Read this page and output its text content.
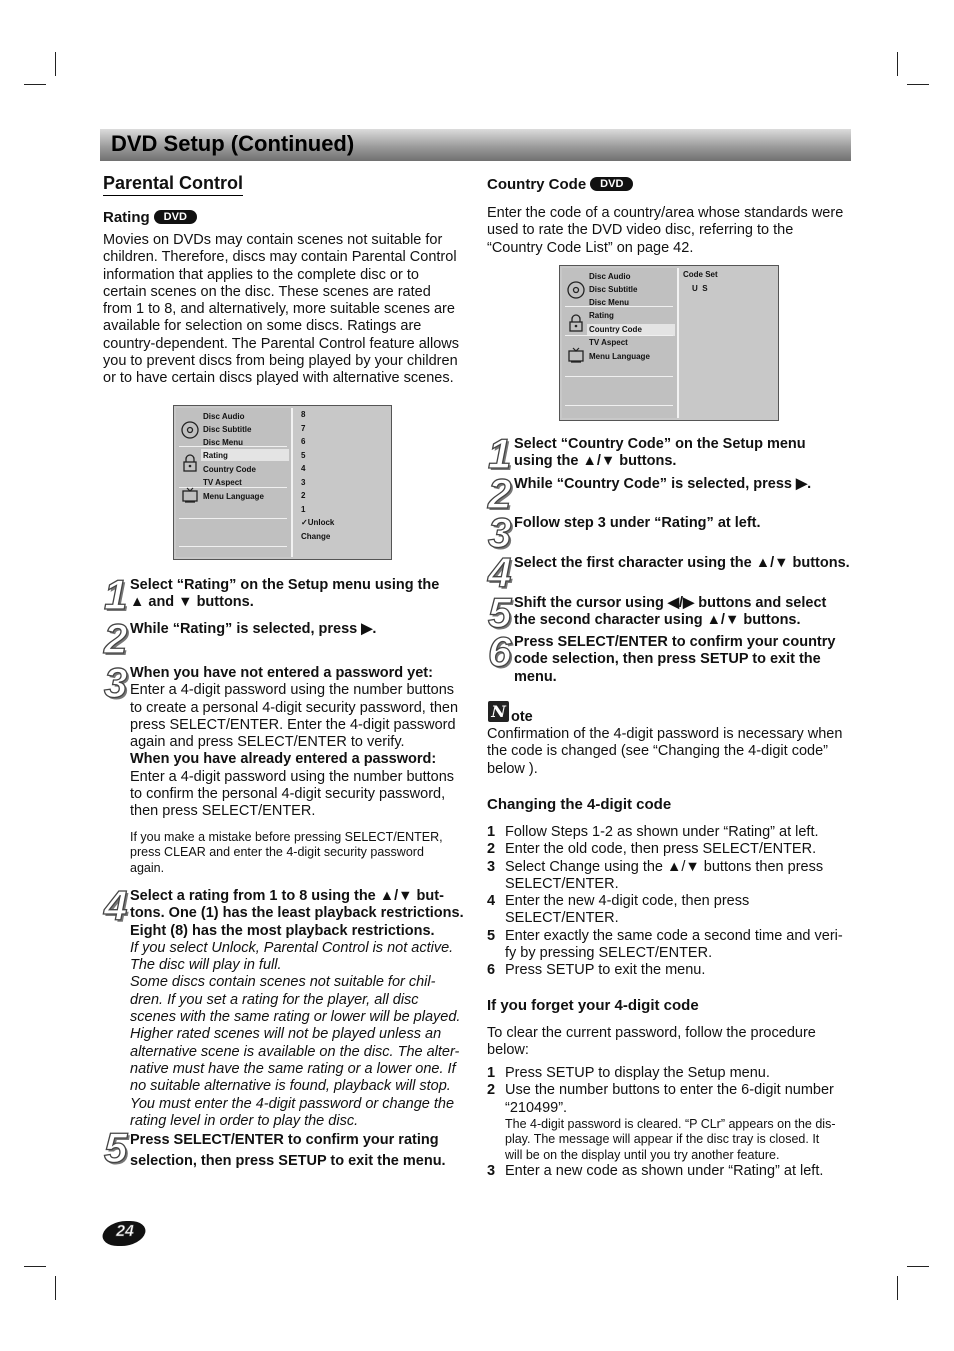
DVD Setup (Continued)
Parental Control
Rating DVD
Movies on DVDs may contain scenes not suitable for
children. Therefore, discs may contain Parental Control
information that applies to the complete disc or to
certain scenes on the disc. These scenes are rated
from 1 to 8, and alternatively, more suitable scenes are
available for selection on some discs. Ratings are
country-dependent. The Parental Control feature allows
you to prevent discs from being played by your children
or to have certain discs played with alternative scenes.
Disc Audio
Disc Subtitle
Disc Menu
Rating
Country Code
TV Aspect
Menu Language
8
7
6
5
4
3
2
1
✓Unlock
Change
1 Select “Rating” on the Setup menu using the
▲ and ▼ buttons.
2 While “Rating” is selected, press ▶.
3 When you have not entered a password yet:
Enter a 4-digit password using the number buttons
to create a personal 4-digit security password, then
press SELECT/ENTER. Enter the 4-digit password
again and press SELECT/ENTER to verify.
When you have already entered a password:
Enter a 4-digit password using the number buttons
to confirm the personal 4-digit security password,
then press SELECT/ENTER.
If you make a mistake before pressing SELECT/ENTER,
press CLEAR and enter the 4-digit security password
again.
4 Select a rating from 1 to 8 using the ▲/▼ but-
tons. One (1) has the least playback restrictions.
Eight (8) has the most playback restrictions.
If you select Unlock, Parental Control is not active.
The disc will play in full.
Some discs contain scenes not suitable for chil-
dren. If you set a rating for the player, all disc
scenes with the same rating or lower will be played.
Higher rated scenes will not be played unless an
alternative scene is available on the disc. The alter-
native must have the same rating or a lower one. If
no suitable alternative is found, playback will stop.
You must enter the 4-digit password or change the
rating level in order to play the disc.
5 Press SELECT/ENTER to confirm your rating
selection, then press SETUP to exit the menu.
24
Country Code DVD
Enter the code of a country/area whose standards were
used to rate the DVD video disc, referring to the
“Country Code List” on page 42.
Disc Audio
Disc Subtitle
Disc Menu
Rating
Country Code
TV Aspect
Menu Language
Code Set
U  S
1 Select “Country Code” on the Setup menu
using the ▲/▼ buttons.
2 While “Country Code” is selected, press ▶.
3 Follow step 3 under “Rating” at left.
4 Select the first character using the ▲/▼ buttons.
5 Shift the cursor using ◀/▶ buttons and select
the second character using ▲/▼ buttons.
6 Press SELECT/ENTER to confirm your country
code selection, then press SETUP to exit the
menu.
N ote
Confirmation of the 4-digit password is necessary when
the code is changed (see “Changing the 4-digit code”
below ).
Changing the 4-digit code
1 Follow Steps 1-2 as shown under “Rating” at left.
2 Enter the old code, then press SELECT/ENTER.
3 Select Change using the ▲/▼ buttons then press
SELECT/ENTER.
4 Enter the new 4-digit code, then press
SELECT/ENTER.
5 Enter exactly the same code a second time and veri-
fy by pressing SELECT/ENTER.
6 Press SETUP to exit the menu.
If you forget your 4-digit code
To clear the current password, follow the procedure
below:
1 Press SETUP to display the Setup menu.
2 Use the number buttons to enter the 6-digit number
“210499”.
The 4-digit password is cleared. “P CLr” appears on the dis-
play. The message will appear if the disc tray is closed. It
will be on the display until you try another feature.
3 Enter a new code as shown under “Rating” at left.
